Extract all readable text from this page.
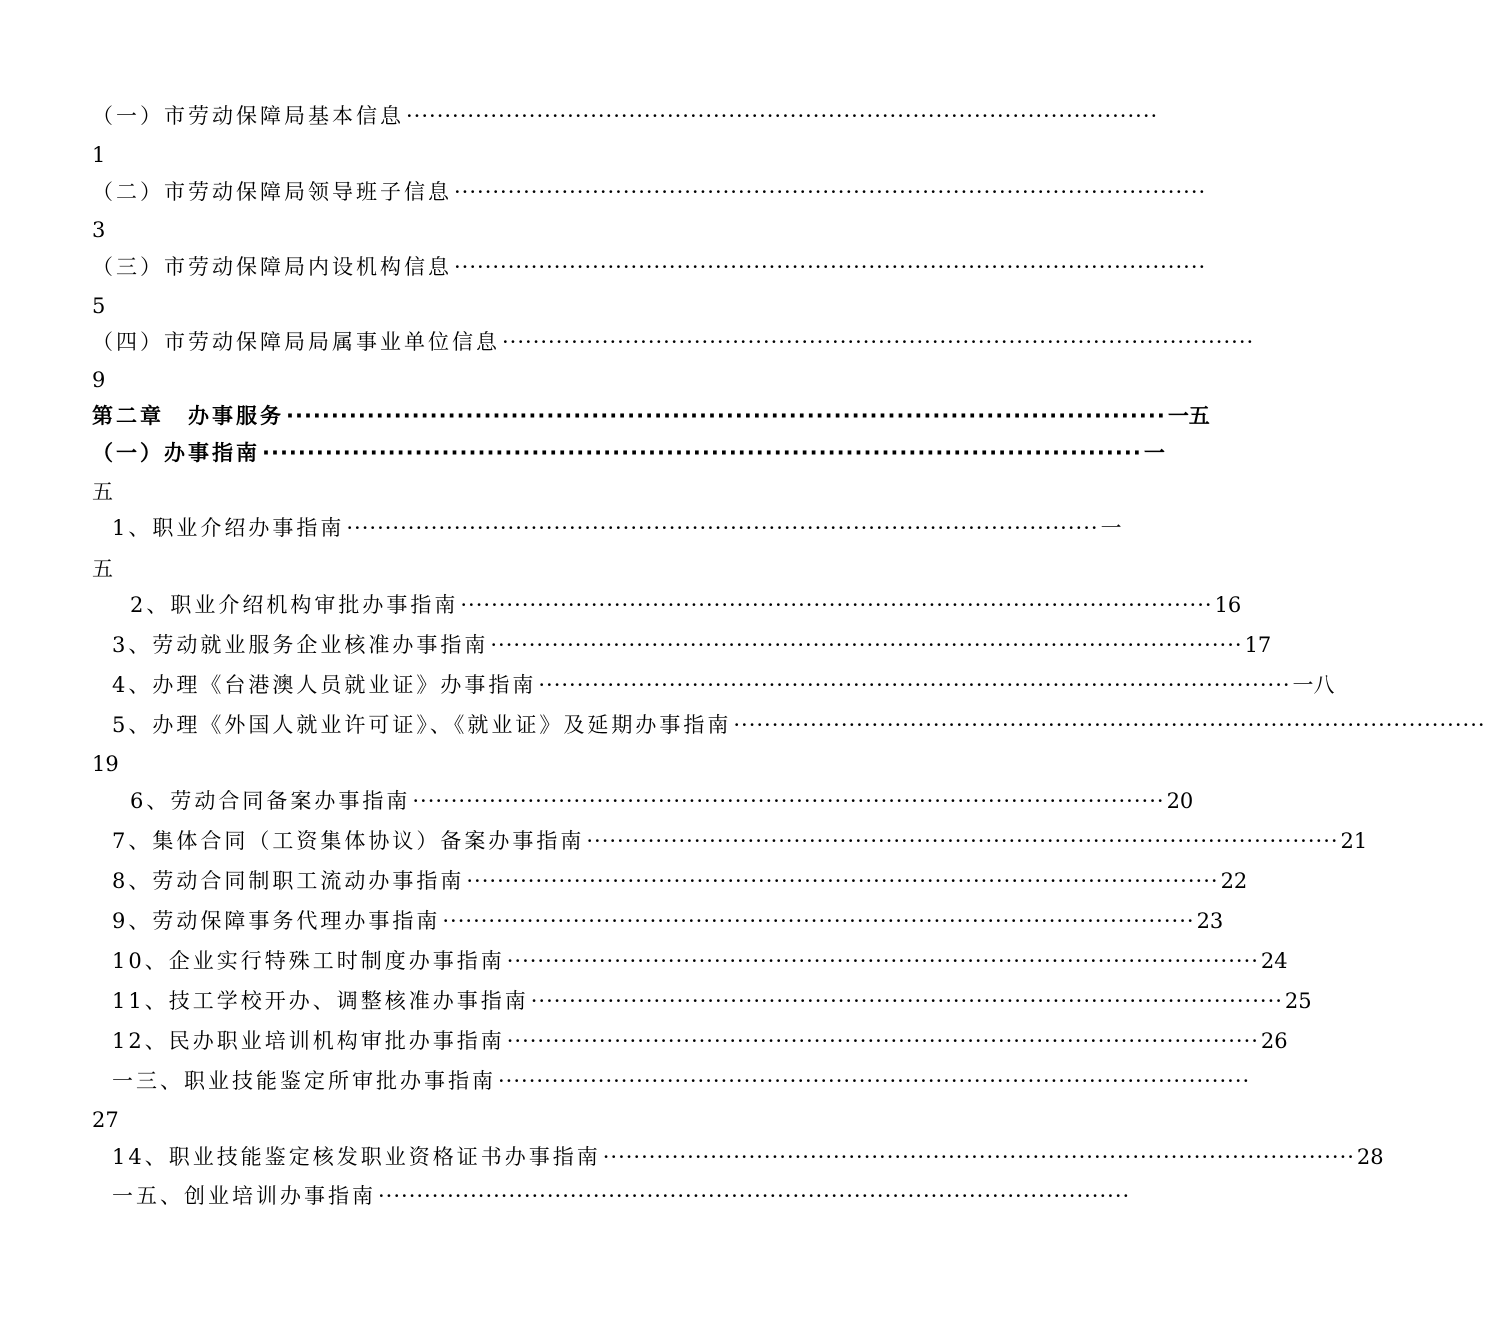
（一）市劳动保障局基本信息 ··································································································
1
（二）市劳动保障局领导班子信息 ··································································································
3
（三）市劳动保障局内设机构信息 ··································································································
5
（四）市劳动保障局局属事业单位信息 ··································································································
9
第二章　办事服务 ·································································································· 一五
（一）办事指南 ·································································································· 一
五
1、职业介绍办事指南 ·································································································· 一
五
2、职业介绍机构审批办事指南 ·································································································· 16
3、劳动就业服务企业核准办事指南 ·································································································· 17
4、办理《台港澳人员就业证》办事指南 ·································································································· 一八
5、办理《外国人就业许可证》、《就业证》及延期办事指南 ··································································································
19
6、劳动合同备案办事指南 ·································································································· 20
7、集体合同（工资集体协议）备案办事指南 ·································································································· 21
8、劳动合同制职工流动办事指南 ·································································································· 22
9、劳动保障事务代理办事指南 ·································································································· 23
10、企业实行特殊工时制度办事指南 ·································································································· 24
11、技工学校开办、调整核准办事指南 ·································································································· 25
12、民办职业培训机构审批办事指南 ·································································································· 26
一三、职业技能鉴定所审批办事指南 ··································································································
27
14、职业技能鉴定核发职业资格证书办事指南 ·································································································· 28
一五、创业培训办事指南 ··································································································
